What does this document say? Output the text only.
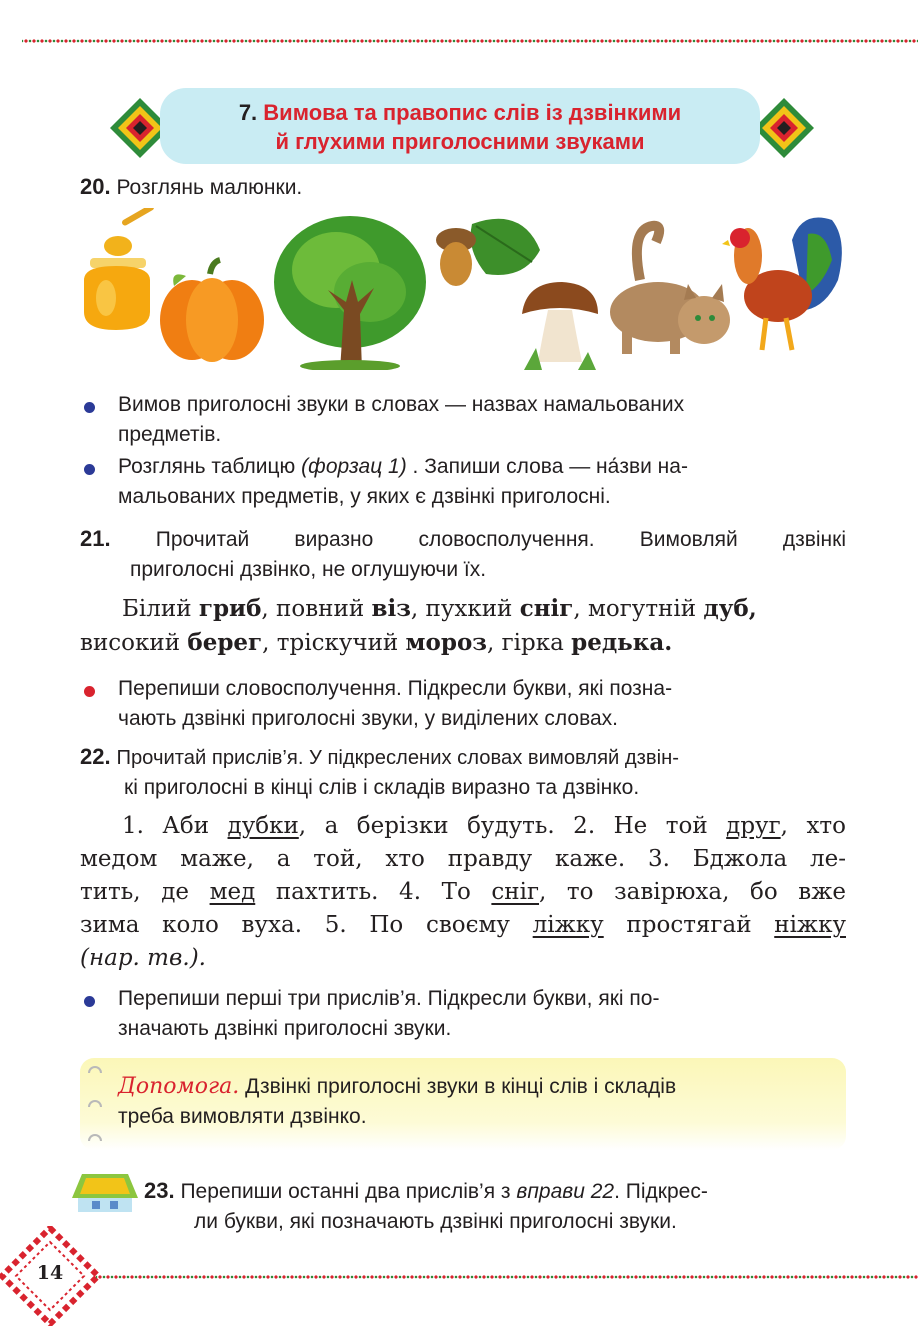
7. Вимова та правопис слів із дзвінкими
й глухими приголосними звуками
20. Розглянь малюнки.
Вимов приголосні звуки в словах — назвах намальованих
предметів.
Розглянь таблицю (форзац 1) . Запиши слова — на́зви на-
мальованих предметів, у яких є дзвінкі приголосні.
21. Прочитай виразно словосполучення. Вимовляй дзвінкі
приголосні дзвінко, не оглушуючи їх.
Білий гриб, повний віз, пухкий сніг, могутній дуб,
високий берег, тріскучий мороз, гірка редька.
Перепиши словосполучення. Підкресли букви, які позна-
чають дзвінкі приголосні звуки, у виділених словах.
22. Прочитай прислів’я. У підкреслених словах вимовляй дзвін-
кі приголосні в кінці слів і складів виразно та дзвінко.
1. Аби дубки, а берізки будуть. 2. Не той друг, хто
медом маже, а той, хто правду каже. 3. Бджола ле-
тить, де мед пахтить. 4. То сніг, то завірюха, бо вже
зима коло вуха. 5. По своєму ліжку простягай ніжку
(нар. тв.).
Перепиши перші три прислів’я. Підкресли букви, які по-
значають дзвінкі приголосні звуки.
Допомога. Дзвінкі приголосні звуки в кінці слів і складів
треба вимовляти дзвінко.
23. Перепиши останні два прислів’я з вправи 22. Підкрес-
ли букви, які позначають дзвінкі приголосні звуки.
14
